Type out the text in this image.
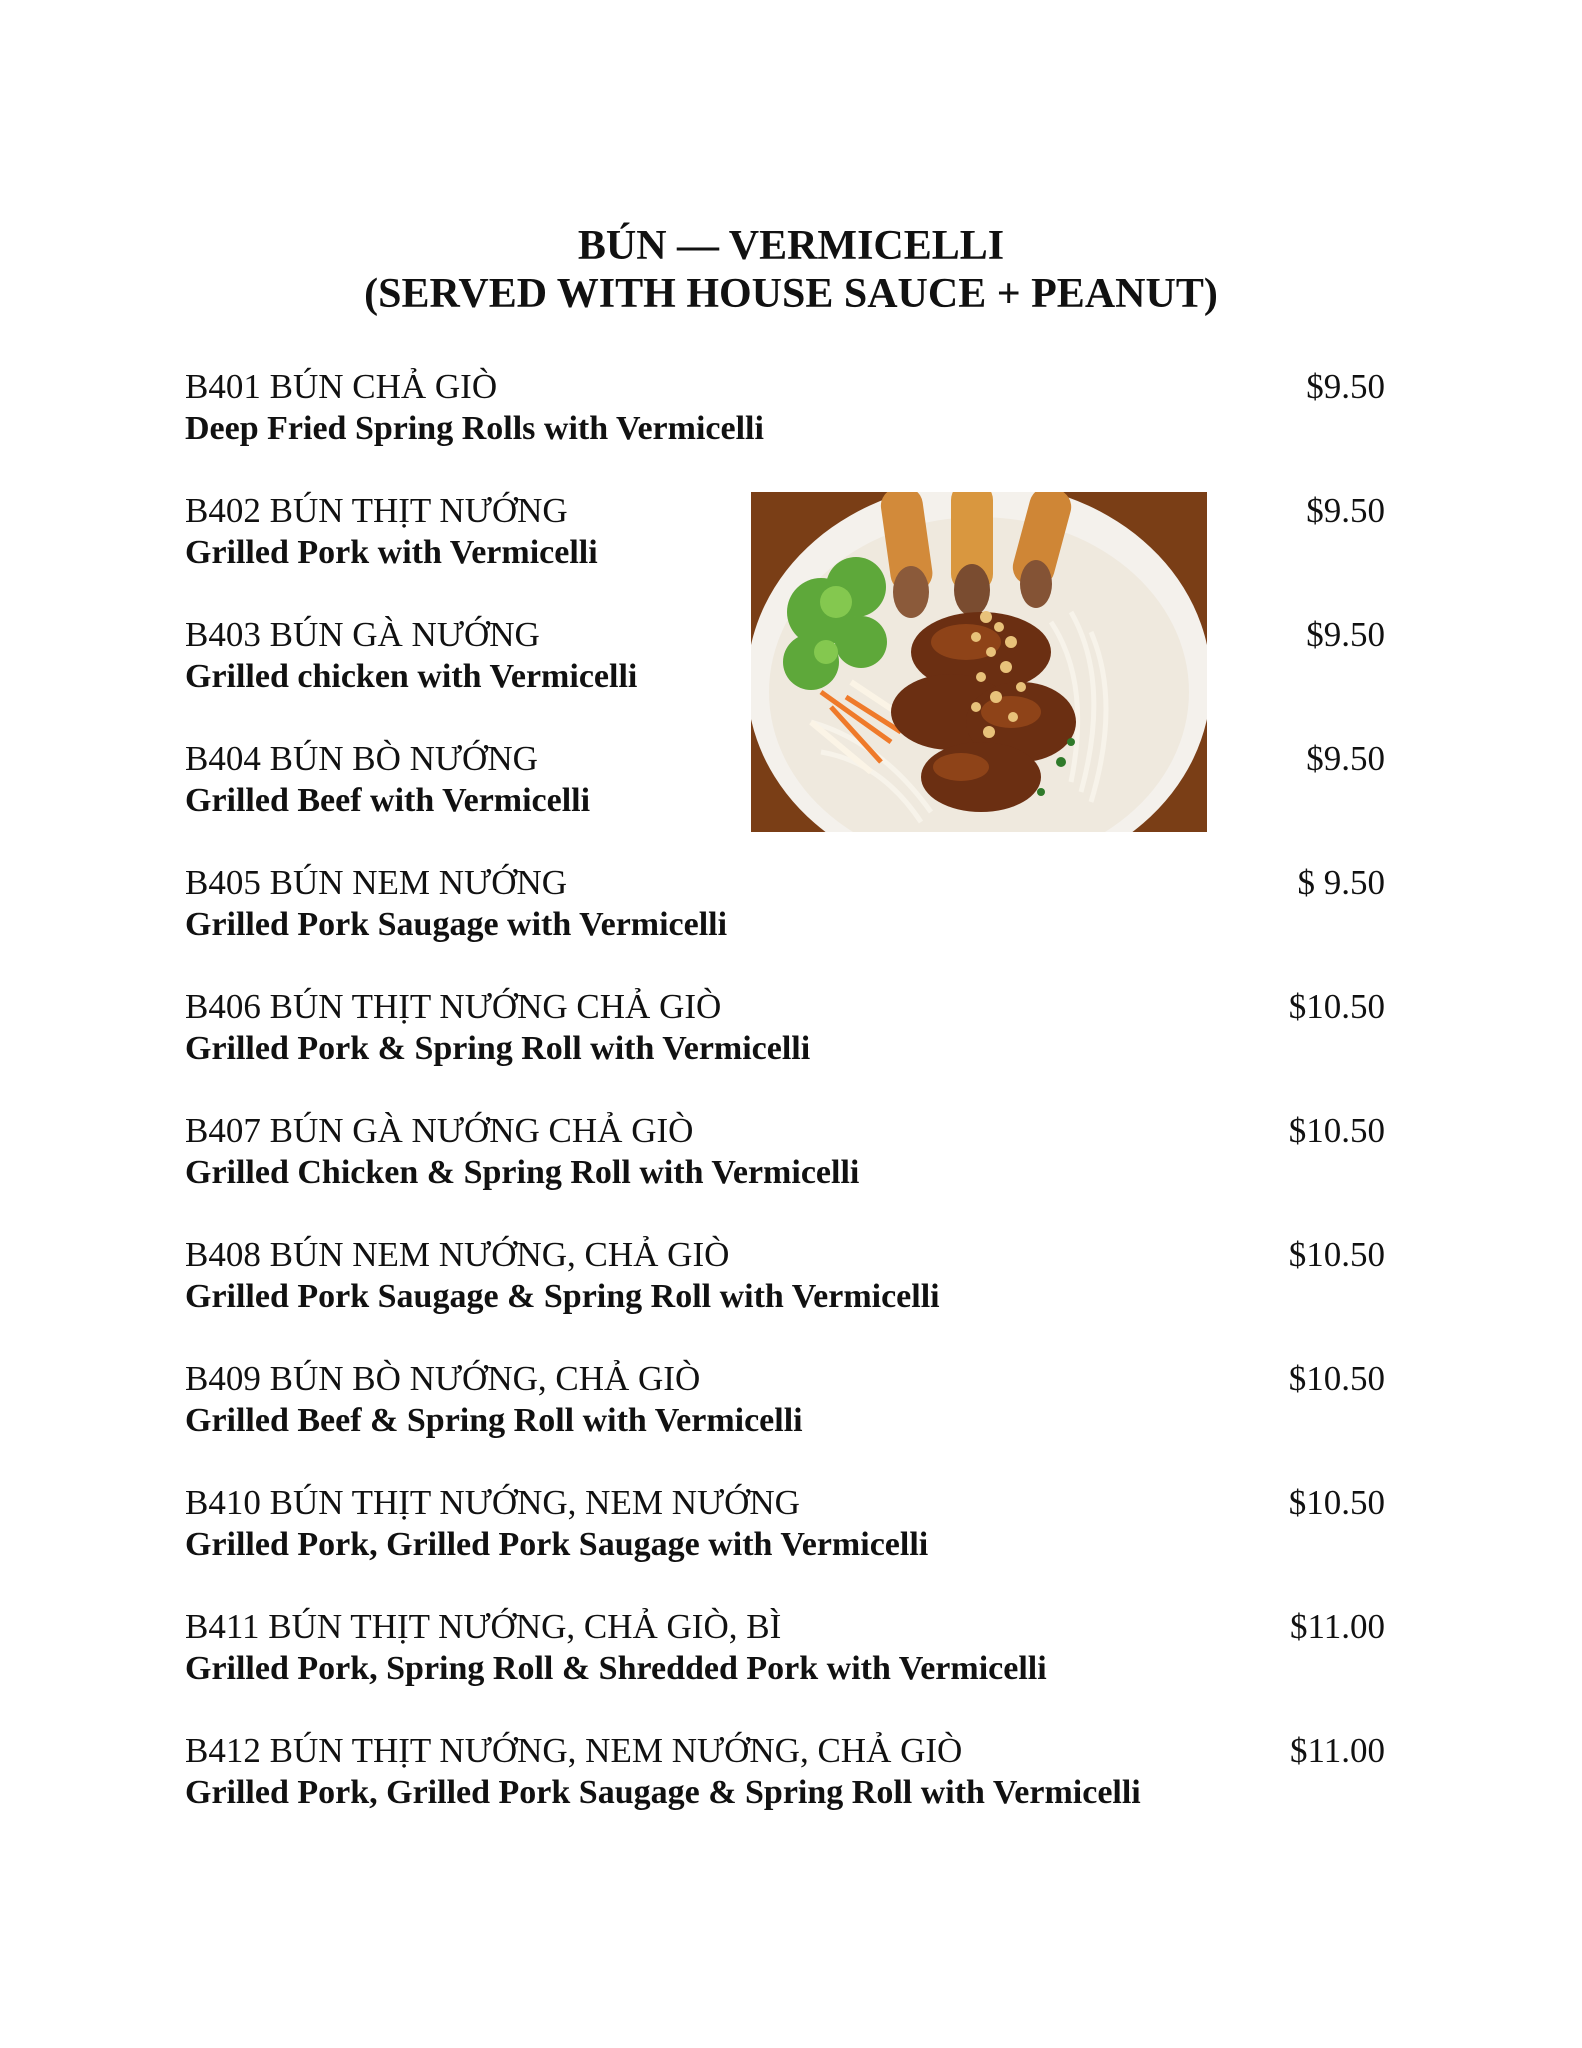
BÚN — VERMICELLI
(SERVED WITH HOUSE SAUCE + PEANUT)
B401 BÚN CHẢ GIÒ	$9.50
Deep Fried Spring Rolls with Vermicelli
B402 BÚN THỊT NƯỚNG	$9.50
Grilled Pork with Vermicelli
B403 BÚN GÀ NƯỚNG	$9.50
Grilled chicken with Vermicelli
B404 BÚN BÒ NƯỚNG	$9.50
Grilled Beef with Vermicelli
B405 BÚN NEM NƯỚNG	$ 9.50
Grilled Pork Saugage with Vermicelli
B406 BÚN THỊT NƯỚNG CHẢ GIÒ	$10.50
Grilled Pork & Spring Roll with Vermicelli
B407 BÚN GÀ NƯỚNG CHẢ GIÒ	$10.50
Grilled Chicken & Spring Roll with Vermicelli
B408 BÚN NEM NƯỚNG, CHẢ GIÒ	$10.50
Grilled Pork Saugage & Spring Roll with Vermicelli
B409 BÚN BÒ NƯỚNG, CHẢ GIÒ	$10.50
Grilled Beef & Spring Roll with Vermicelli
B410 BÚN THỊT NƯỚNG, NEM NƯỚNG	$10.50
Grilled Pork, Grilled Pork Saugage with Vermicelli
B411 BÚN THỊT NƯỚNG, CHẢ GIÒ, BÌ	$11.00
Grilled Pork, Spring Roll & Shredded Pork with Vermicelli
B412 BÚN THỊT NƯỚNG, NEM NƯỚNG, CHẢ GIÒ	$11.00
Grilled Pork, Grilled Pork Saugage & Spring Roll with Vermicelli
